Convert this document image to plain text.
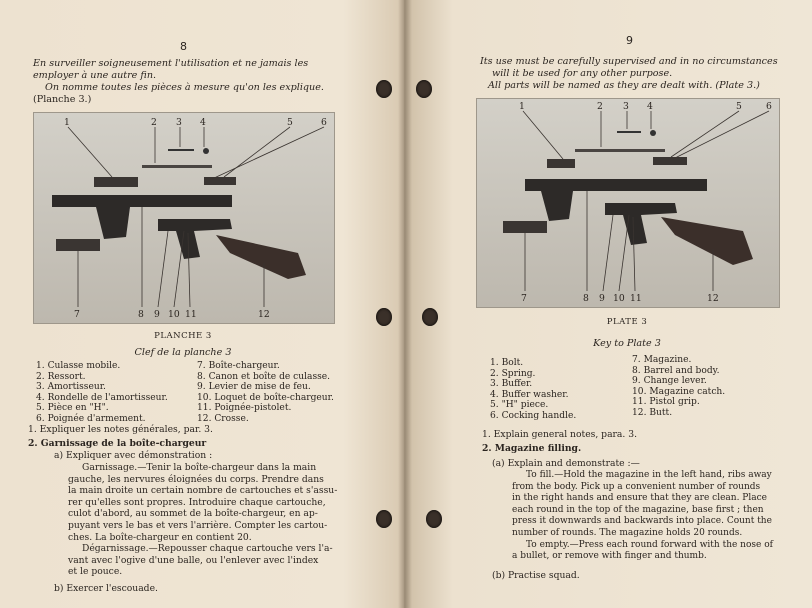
8
En surveiller soigneusement l'utilisation et ne jamais les
employer à une autre fin.
On nomme toutes les pièces à mesure qu'on les explique.
(Planche 3.)
1	2 3 4	5	6
7	8 9 10 11	12
PLANCHE 3
Clef de la planche 3
1. Culasse mobile.
2. Ressort.
3. Amortisseur.
4. Rondelle de l'amortisseur.
5. Pièce en "H".
6. Poignée d'armement.
7. Boîte-chargeur.
8. Canon et boîte de culasse.
9. Levier de mise de feu.
10. Loquet de boîte-chargeur.
11. Poignée-pistolet.
12. Crosse.
1. Expliquer les notes générales, par. 3.
2. Garnissage de la boîte-chargeur
a) Expliquer avec démonstration :
Garnissage.—Tenir la boîte-chargeur dans la main
gauche, les nervures éloignées du corps. Prendre dans
la main droite un certain nombre de cartouches et s'assu-
rer qu'elles sont propres. Introduire chaque cartouche,
culot d'abord, au sommet de la boîte-chargeur, en ap-
puyant vers le bas et vers l'arrière. Compter les cartou-
ches. La boîte-chargeur en contient 20.
Dégarnissage.—Repousser chaque cartouche vers l'a-
vant avec l'ogive d'une balle, ou l'enlever avec l'index
et le pouce.
b) Exercer l'escouade.
9
Its use must be carefully supervised and in no circumstances
will it be used for any other purpose.
All parts will be named as they are dealt with. (Plate 3.)
1	2 3 4	5	6
7	8 9 10 11	12
PLATE 3
Key to Plate 3
1. Bolt.
2. Spring.
3. Buffer.
4. Buffer washer.
5. "H" piece.
6. Cocking handle.
7. Magazine.
8. Barrel and body.
9. Change lever.
10. Magazine catch.
11. Pistol grip.
12. Butt.
1. Explain general notes, para. 3.
2. Magazine filling.
(a) Explain and demonstrate :—
To fill.—Hold the magazine in the left hand, ribs away
from the body. Pick up a convenient number of rounds
in the right hands and ensure that they are clean. Place
each round in the top of the magazine, base first ; then
press it downwards and backwards into place. Count the
number of rounds. The magazine holds 20 rounds.
To empty.—Press each round forward with the nose of
a bullet, or remove with finger and thumb.
(b) Practise squad.
